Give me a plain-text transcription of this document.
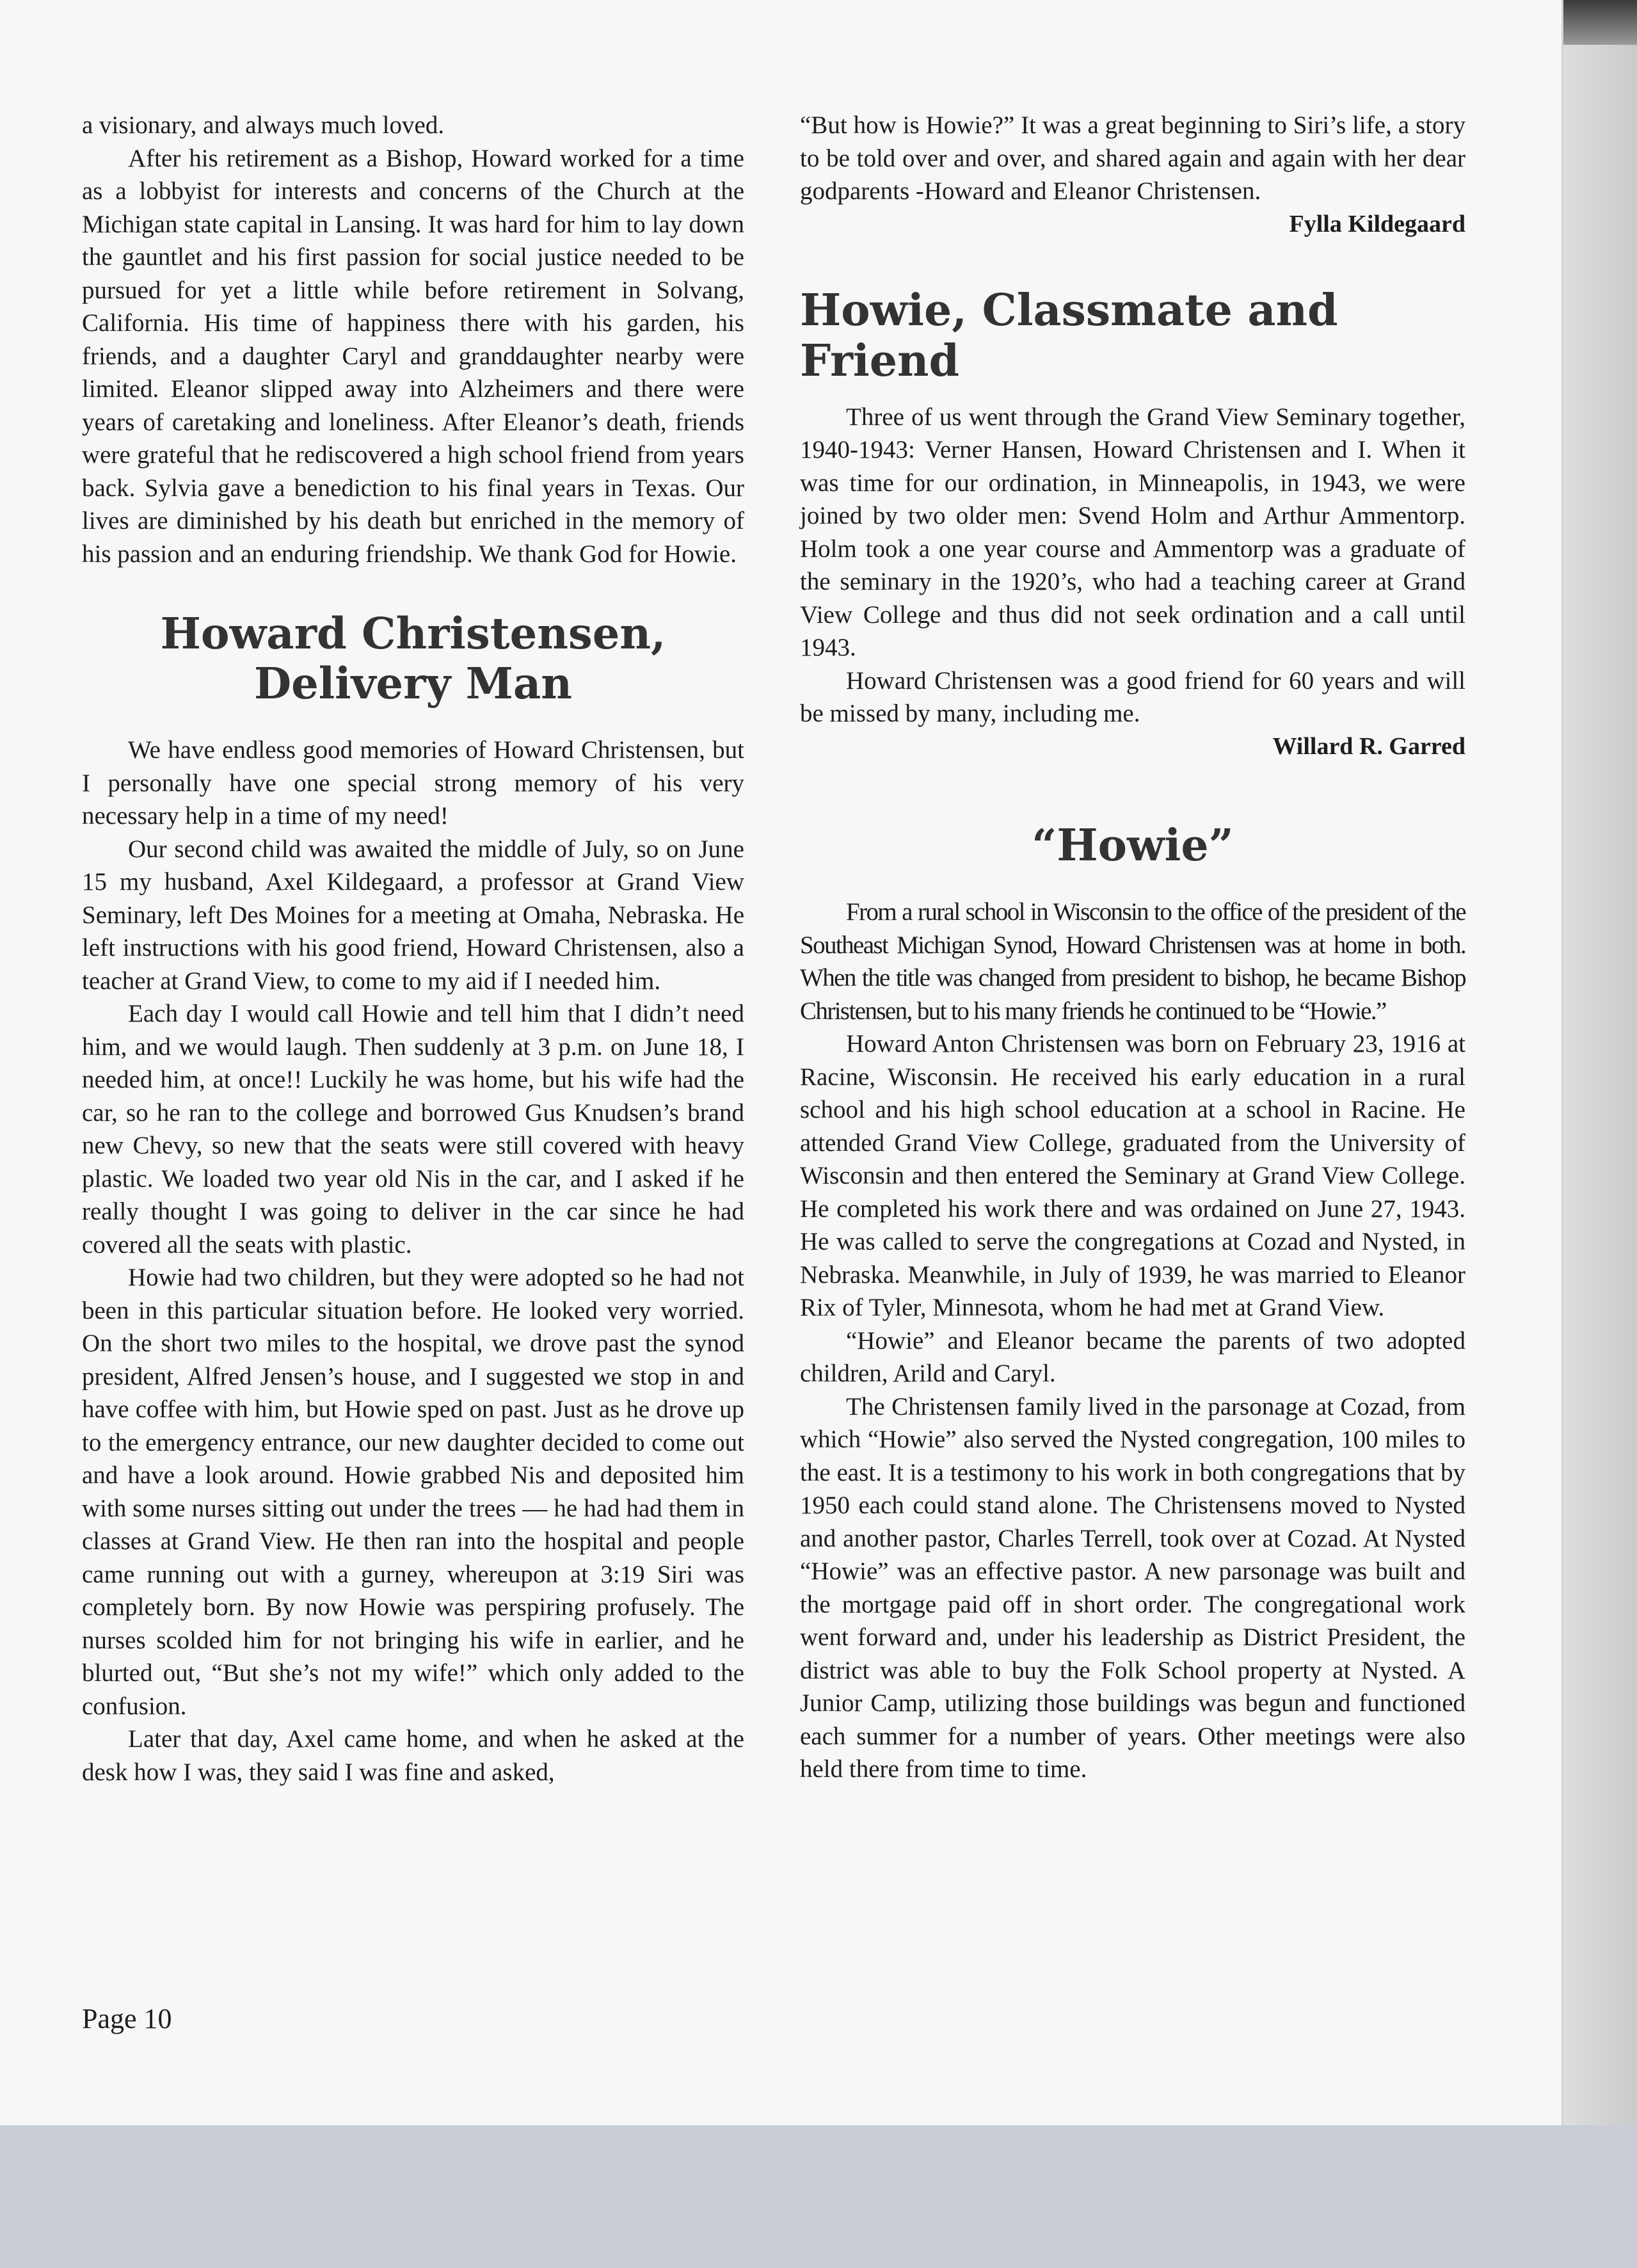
a visionary, and always much loved.

After his retirement as a Bishop, Howard worked for a time as a lobbyist for interests and concerns of the Church at the Michigan state capital in Lansing. It was hard for him to lay down the gauntlet and his first passion for social justice needed to be pursued for yet a little while before retirement in Solvang, California. His time of happiness there with his garden, his friends, and a daughter Caryl and granddaughter nearby were limited. Eleanor slipped away into Alzheimers and there were years of caretaking and loneliness. After Eleanor’s death, friends were grateful that he rediscovered a high school friend from years back. Sylvia gave a benediction to his final years in Texas. Our lives are diminished by his death but enriched in the memory of his passion and an enduring friendship. We thank God for Howie.

Howard Christensen,
Delivery Man

We have endless good memories of Howard Christensen, but I personally have one special strong memory of his very necessary help in a time of my need!

Our second child was awaited the middle of July, so on June 15 my husband, Axel Kildegaard, a professor at Grand View Seminary, left Des Moines for a meeting at Omaha, Nebraska. He left instructions with his good friend, Howard Christensen, also a teacher at Grand View, to come to my aid if I needed him.

Each day I would call Howie and tell him that I didn’t need him, and we would laugh. Then suddenly at 3 p.m. on June 18, I needed him, at once!! Luckily he was home, but his wife had the car, so he ran to the college and borrowed Gus Knudsen’s brand new Chevy, so new that the seats were still covered with heavy plastic. We loaded two year old Nis in the car, and I asked if he really thought I was going to deliver in the car since he had covered all the seats with plastic.

Howie had two children, but they were adopted so he had not been in this particular situation before. He looked very worried. On the short two miles to the hospital, we drove past the synod president, Alfred Jensen’s house, and I suggested we stop in and have coffee with him, but Howie sped on past. Just as he drove up to the emergency entrance, our new daughter decided to come out and have a look around. Howie grabbed Nis and deposited him with some nurses sitting out under the trees — he had had them in classes at Grand View. He then ran into the hospital and people came running out with a gurney, whereupon at 3:19 Siri was completely born. By now Howie was perspiring profusely. The nurses scolded him for not bringing his wife in earlier, and he blurted out, “But she’s not my wife!” which only added to the confusion.

Later that day, Axel came home, and when he asked at the desk how I was, they said I was fine and asked,

“But how is Howie?” It was a great beginning to Siri’s life, a story to be told over and over, and shared again and again with her dear godparents -Howard and Eleanor Christensen.

Fylla Kildegaard

Howie, Classmate and Friend

Three of us went through the Grand View Seminary together, 1940-1943: Verner Hansen, Howard Christensen and I. When it was time for our ordination, in Minneapolis, in 1943, we were joined by two older men: Svend Holm and Arthur Ammentorp. Holm took a one year course and Ammentorp was a graduate of the seminary in the 1920’s, who had a teaching career at Grand View College and thus did not seek ordination and a call until 1943.

Howard Christensen was a good friend for 60 years and will be missed by many, including me.

Willard R. Garred

“Howie”

From a rural school in Wisconsin to the office of the president of the Southeast Michigan Synod, Howard Christensen was at home in both. When the title was changed from president to bishop, he became Bishop Christensen, but to his many friends he continued to be “Howie.”

Howard Anton Christensen was born on February 23, 1916 at Racine, Wisconsin. He received his early education in a rural school and his high school education at a school in Racine. He attended Grand View College, graduated from the University of Wisconsin and then entered the Seminary at Grand View College. He completed his work there and was ordained on June 27, 1943. He was called to serve the congregations at Cozad and Nysted, in Nebraska. Meanwhile, in July of 1939, he was married to Eleanor Rix of Tyler, Minnesota, whom he had met at Grand View.

“Howie” and Eleanor became the parents of two adopted children, Arild and Caryl.

The Christensen family lived in the parsonage at Cozad, from which “Howie” also served the Nysted congregation, 100 miles to the east. It is a testimony to his work in both congregations that by 1950 each could stand alone. The Christensens moved to Nysted and another pastor, Charles Terrell, took over at Cozad. At Nysted “Howie” was an effective pastor. A new parsonage was built and the mortgage paid off in short order. The congregational work went forward and, under his leadership as District President, the district was able to buy the Folk School property at Nysted. A Junior Camp, utilizing those buildings was begun and functioned each summer for a number of years. Other meetings were also held there from time to time.

Page 10
